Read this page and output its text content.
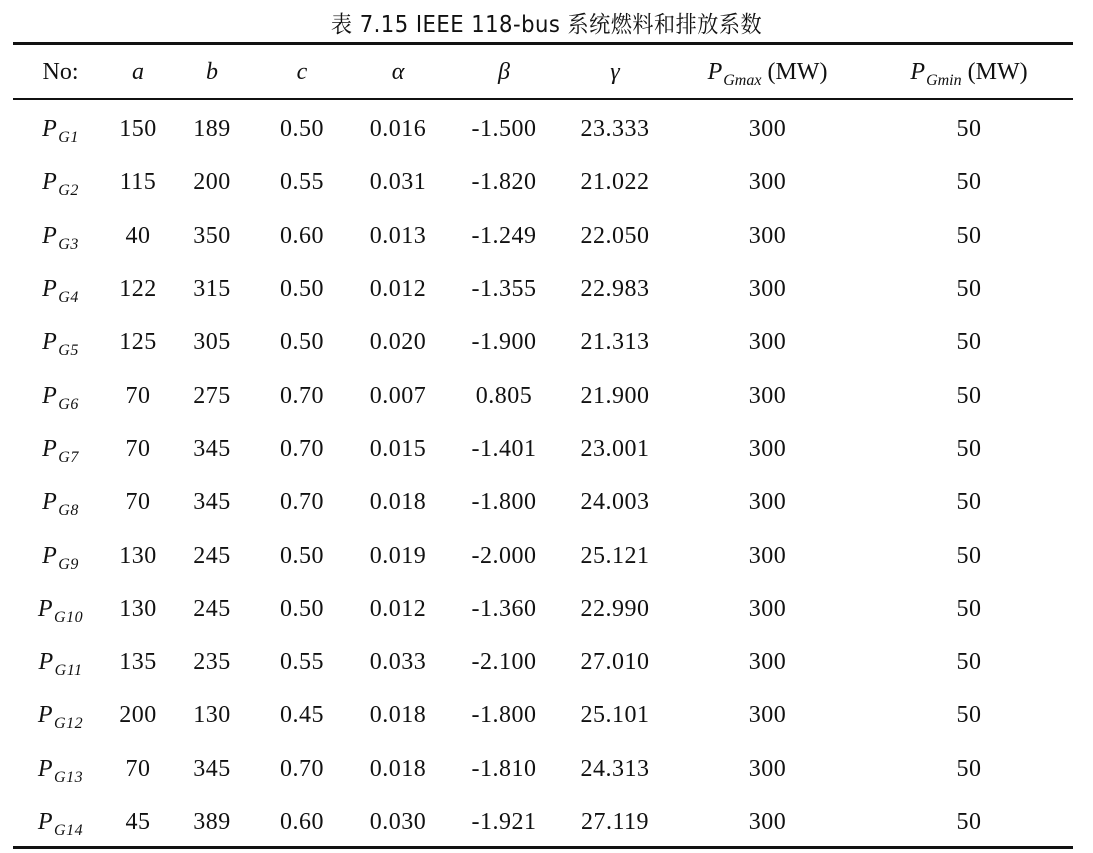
表 7.15 IEEE 118-bus 系统燃料和排放系数
No:	a	b	c	α	β	γ	$P_{Gmax}$ (MW)	$P_{Gmin}$ (MW)
$P_{G1}$	150	189	0.50	0.016	-1.500	23.333	300	50
$P_{G2}$	115	200	0.55	0.031	-1.820	21.022	300	50
$P_{G3}$	40	350	0.60	0.013	-1.249	22.050	300	50
$P_{G4}$	122	315	0.50	0.012	-1.355	22.983	300	50
$P_{G5}$	125	305	0.50	0.020	-1.900	21.313	300	50
$P_{G6}$	70	275	0.70	0.007	0.805	21.900	300	50
$P_{G7}$	70	345	0.70	0.015	-1.401	23.001	300	50
$P_{G8}$	70	345	0.70	0.018	-1.800	24.003	300	50
$P_{G9}$	130	245	0.50	0.019	-2.000	25.121	300	50
$P_{G10}$	130	245	0.50	0.012	-1.360	22.990	300	50
$P_{G11}$	135	235	0.55	0.033	-2.100	27.010	300	50
$P_{G12}$	200	130	0.45	0.018	-1.800	25.101	300	50
$P_{G13}$	70	345	0.70	0.018	-1.810	24.313	300	50
$P_{G14}$	45	389	0.60	0.030	-1.921	27.119	300	50
